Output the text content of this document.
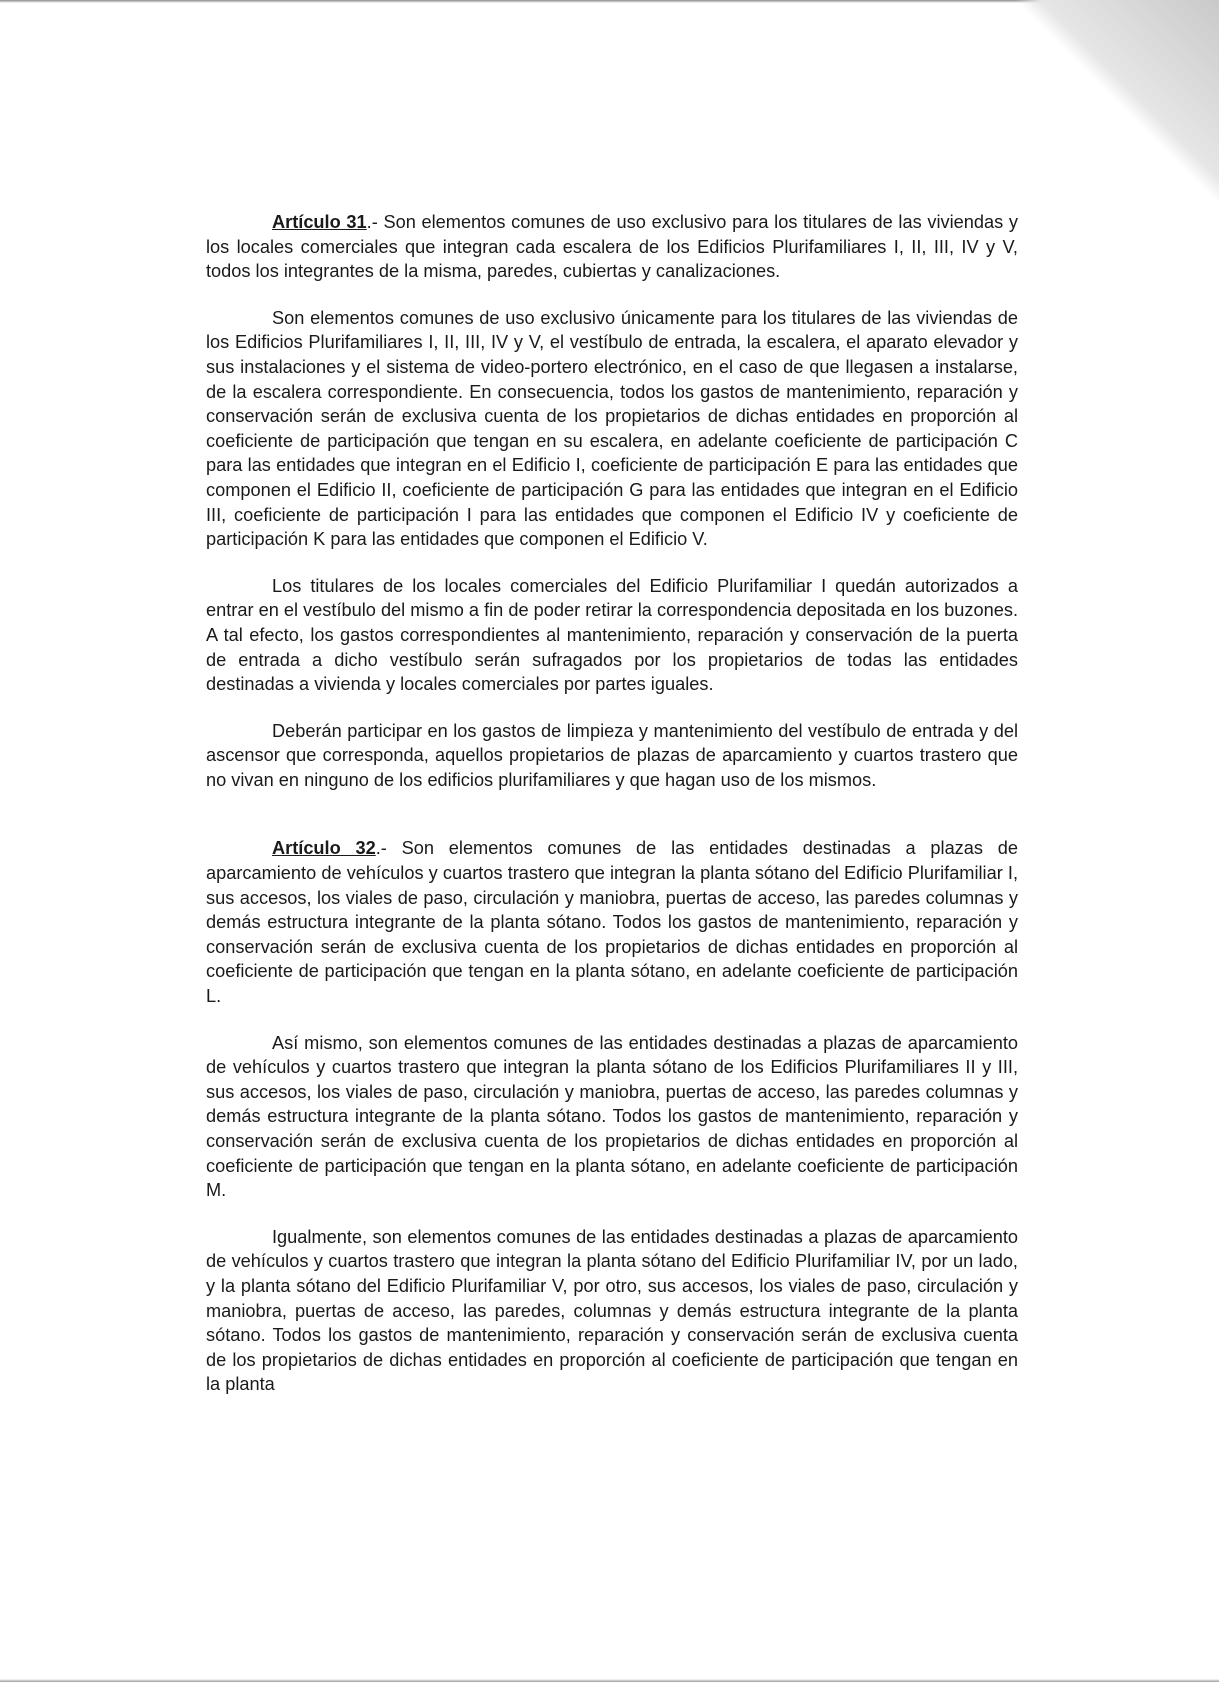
Artículo 31.- Son elementos comunes de uso exclusivo para los titulares de las viviendas y los locales comerciales que integran cada escalera de los Edificios Plurifamiliares I, II, III, IV y V, todos los integrantes de la misma, paredes, cubiertas y canalizaciones.

Son elementos comunes de uso exclusivo únicamente para los titulares de las viviendas de los Edificios Plurifamiliares I, II, III, IV y V, el vestíbulo de entrada, la escalera, el aparato elevador y sus instalaciones y el sistema de video-portero electrónico, en el caso de que llegasen a instalarse, de la escalera correspondiente. En consecuencia, todos los gastos de mantenimiento, reparación y conservación serán de exclusiva cuenta de los propietarios de dichas entidades en proporción al coeficiente de participación que tengan en su escalera, en adelante coeficiente de participación C para las entidades que integran en el Edificio I, coeficiente de participación E para las entidades que componen el Edificio II, coeficiente de participación G para las entidades que integran en el Edificio III, coeficiente de participación I para las entidades que componen el Edificio IV y coeficiente de participación K para las entidades que componen el Edificio V.

Los titulares de los locales comerciales del Edificio Plurifamiliar I quedán autorizados a entrar en el vestíbulo del mismo a fin de poder retirar la correspondencia depositada en los buzones. A tal efecto, los gastos correspondientes al mantenimiento, reparación y conservación de la puerta de entrada a dicho vestíbulo serán sufragados por los propietarios de todas las entidades destinadas a vivienda y locales comerciales por partes iguales.

Deberán participar en los gastos de limpieza y mantenimiento del vestíbulo de entrada y del ascensor que corresponda, aquellos propietarios de plazas de aparcamiento y cuartos trastero que no vivan en ninguno de los edificios plurifamiliares y que hagan uso de los mismos.

Artículo 32.- Son elementos comunes de las entidades destinadas a plazas de aparcamiento de vehículos y cuartos trastero que integran la planta sótano del Edificio Plurifamiliar I, sus accesos, los viales de paso, circulación y maniobra, puertas de acceso, las paredes columnas y demás estructura integrante de la planta sótano. Todos los gastos de mantenimiento, reparación y conservación serán de exclusiva cuenta de los propietarios de dichas entidades en proporción al coeficiente de participación que tengan en la planta sótano, en adelante coeficiente de participación L.

Así mismo, son elementos comunes de las entidades destinadas a plazas de aparcamiento de vehículos y cuartos trastero que integran la planta sótano de los Edificios Plurifamiliares II y III, sus accesos, los viales de paso, circulación y maniobra, puertas de acceso, las paredes columnas y demás estructura integrante de la planta sótano. Todos los gastos de mantenimiento, reparación y conservación serán de exclusiva cuenta de los propietarios de dichas entidades en proporción al coeficiente de participación que tengan en la planta sótano, en adelante coeficiente de participación M.

Igualmente, son elementos comunes de las entidades destinadas a plazas de aparcamiento de vehículos y cuartos trastero que integran la planta sótano del Edificio Plurifamiliar IV, por un lado, y la planta sótano del Edificio Plurifamiliar V, por otro, sus accesos, los viales de paso, circulación y maniobra, puertas de acceso, las paredes, columnas y demás estructura integrante de la planta sótano. Todos los gastos de mantenimiento, reparación y conservación serán de exclusiva cuenta de los propietarios de dichas entidades en proporción al coeficiente de participación que tengan en la planta
